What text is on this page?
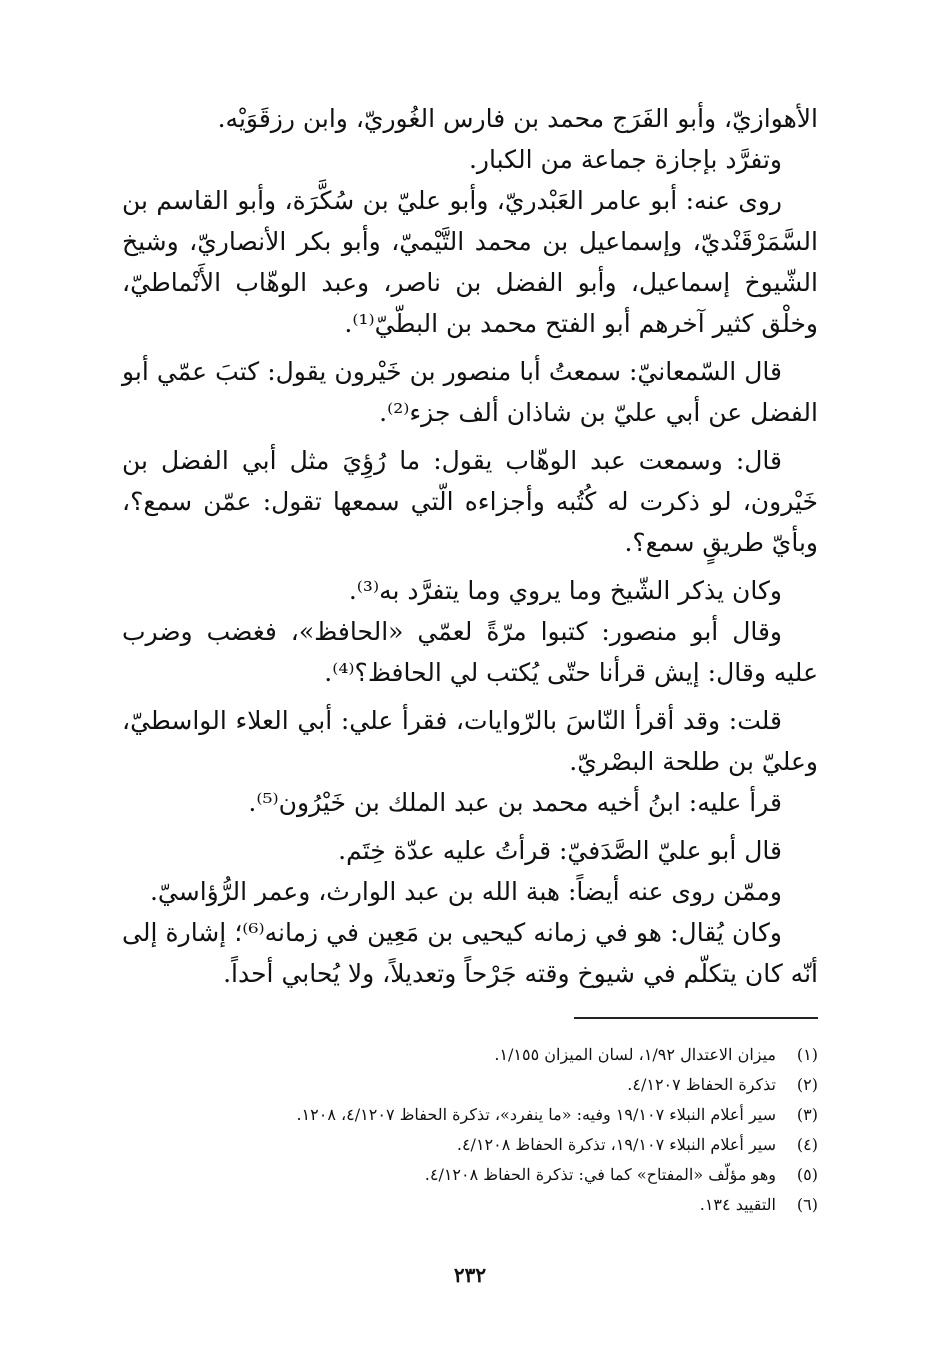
الأهوازيّ، وأبو الفَرَج محمد بن فارس الغُوريّ، وابن رزقَوَيْه.

وتفرَّد بإجازة جماعة من الكبار.

روى عنه: أبو عامر العَبْدريّ، وأبو عليّ بن سُكَّرَة، وأبو القاسم بن السَّمَرْقَنْديّ، وإسماعيل بن محمد التَّيْميّ، وأبو بكر الأنصاريّ، وشيخ الشّيوخ إسماعيل، وأبو الفضل بن ناصر، وعبد الوهّاب الأَنْماطيّ، وخلْق كثير آخرهم أبو الفتح محمد بن البطّيّ⁽¹⁾.

قال السّمعانيّ: سمعتُ أبا منصور بن خَيْرون يقول: كتبَ عمّي أبو الفضل عن أبي عليّ بن شاذان ألف جزء⁽²⁾.

قال: وسمعت عبد الوهّاب يقول: ما رُؤِيَ مثل أبي الفضل بن خَيْرون، لو ذكرت له كُتُبه وأجزاءه الّتي سمعها تقول: عمّن سمع؟، وبأيّ طريقٍ سمع؟.

وكان يذكر الشّيخ وما يروي وما يتفرَّد به⁽³⁾.

وقال أبو منصور: كتبوا مرّةً لعمّي «الحافظ»، فغضب وضرب عليه وقال: إيش قرأنا حتّى يُكتب لي الحافظ؟⁽⁴⁾.

قلت: وقد أقرأ النّاسَ بالرّوايات، فقرأ علي: أبي العلاء الواسطيّ، وعليّ بن طلحة البصْريّ.

قرأ عليه: ابنُ أخيه محمد بن عبد الملك بن خَيْرُون⁽⁵⁾.

قال أبو عليّ الصَّدَفيّ: قرأتُ عليه عدّة خِتَم.

وممّن روى عنه أيضاً: هبة الله بن عبد الوارث، وعمر الرُّؤاسيّ.

وكان يُقال: هو في زمانه كيحيى بن مَعِين في زمانه⁽⁶⁾؛ إشارة إلى أنّه كان يتكلّم في شيوخ وقته جَرْحاً وتعديلاً، ولا يُحابي أحداً.

(١)
ميزان الاعتدال ١/٩٢، لسان الميزان ١/١٥٥.
(٢)
تذكرة الحفاظ ٤/١٢٠٧.
(٣)
سير أعلام النبلاء ١٩/١٠٧ وفيه: «ما ينفرد»، تذكرة الحفاظ ٤/١٢٠٧، ١٢٠٨.
(٤)
سير أعلام النبلاء ١٩/١٠٧، تذكرة الحفاظ ٤/١٢٠٨.
(٥)
وهو مؤلّف «المفتاح» كما في: تذكرة الحفاظ ٤/١٢٠٨.
(٦)
التقييد ١٣٤.
٢٣٢
